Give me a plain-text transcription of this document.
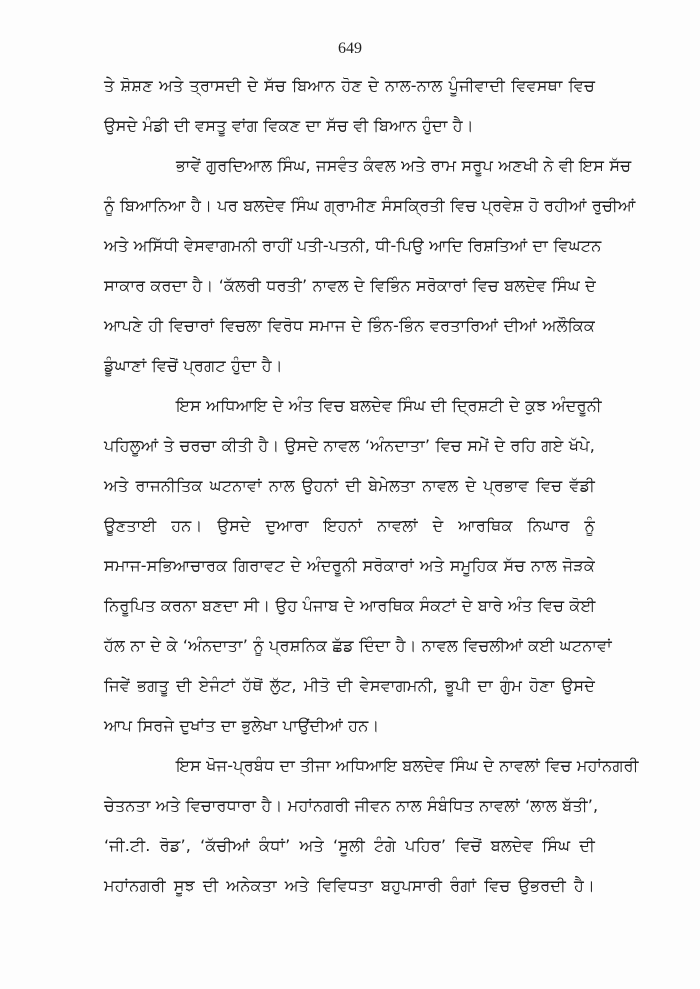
649
ਤੇ ਸ਼ੋਸ਼ਣ ਅਤੇ ਤ੍ਰਾਸਦੀ ਦੇ ਸੱਚ ਬਿਆਨ ਹੋਣ ਦੇ ਨਾਲ-ਨਾਲ ਪੂੰਜੀਵਾਦੀ ਵਿਵਸਥਾ ਵਿਚ
ਉਸਦੇ ਮੰਡੀ ਦੀ ਵਸਤੂ ਵਾਂਗ ਵਿਕਣ ਦਾ ਸੱਚ ਵੀ ਬਿਆਨ ਹੁੰਦਾ ਹੈ।
ਭਾਵੇਂ ਗੁਰਦਿਆਲ ਸਿੰਘ, ਜਸਵੰਤ ਕੰਵਲ ਅਤੇ ਰਾਮ ਸਰੂਪ ਅਣਖੀ ਨੇ ਵੀ ਇਸ ਸੱਚ
ਨੂੰ ਬਿਆਨਿਆ ਹੈ। ਪਰ ਬਲਦੇਵ ਸਿੰਘ ਗ੍ਰਾਮੀਣ ਸੰਸਕ੍ਰਿਤੀ ਵਿਚ ਪ੍ਰਵੇਸ਼ ਹੋ ਰਹੀਆਂ ਰੁਚੀਆਂ
ਅਤੇ ਅਸਿੱਧੀ ਵੇਸਵਾਗਮਨੀ ਰਾਹੀਂ ਪਤੀ-ਪਤਨੀ, ਧੀ-ਪਿਉ ਆਦਿ ਰਿਸ਼ਤਿਆਂ ਦਾ ਵਿਘਟਨ
ਸਾਕਾਰ ਕਰਦਾ ਹੈ। ‘ਕੱਲਰੀ ਧਰਤੀ’ ਨਾਵਲ ਦੇ ਵਿਭਿੰਨ ਸਰੋਕਾਰਾਂ ਵਿਚ ਬਲਦੇਵ ਸਿੰਘ ਦੇ
ਆਪਣੇ ਹੀ ਵਿਚਾਰਾਂ ਵਿਚਲਾ ਵਿਰੋਧ ਸਮਾਜ ਦੇ ਭਿੰਨ-ਭਿੰਨ ਵਰਤਾਰਿਆਂ ਦੀਆਂ ਅਲੌਕਿਕ
ਡੂੰਘਾਣਾਂ ਵਿਚੋਂ ਪ੍ਰਗਟ ਹੁੰਦਾ ਹੈ।
ਇਸ ਅਧਿਆਇ ਦੇ ਅੰਤ ਵਿਚ ਬਲਦੇਵ ਸਿੰਘ ਦੀ ਦ੍ਰਿਸ਼ਟੀ ਦੇ ਕੁਝ ਅੰਦਰੂਨੀ
ਪਹਿਲੂਆਂ ਤੇ ਚਰਚਾ ਕੀਤੀ ਹੈ। ਉਸਦੇ ਨਾਵਲ ‘ਅੰਨਦਾਤਾ’ ਵਿਚ ਸਮੇਂ ਦੇ ਰਹਿ ਗਏ ਖੱਪੇ,
ਅਤੇ ਰਾਜਨੀਤਿਕ ਘਟਨਾਵਾਂ ਨਾਲ ਉਹਨਾਂ ਦੀ ਬੇਮੇਲਤਾ ਨਾਵਲ ਦੇ ਪ੍ਰਭਾਵ ਵਿਚ ਵੱਡੀ
ਊਣਤਾਈ ਹਨ। ਉਸਦੇ ਦੁਆਰਾ ਇਹਨਾਂ ਨਾਵਲਾਂ ਦੇ ਆਰਥਿਕ ਨਿਘਾਰ ਨੂੰ
ਸਮਾਜ-ਸਭਿਆਚਾਰਕ ਗਿਰਾਵਟ ਦੇ ਅੰਦਰੂਨੀ ਸਰੋਕਾਰਾਂ ਅਤੇ ਸਮੂਹਿਕ ਸੱਚ ਨਾਲ ਜੋੜਕੇ
ਨਿਰੂਪਿਤ ਕਰਨਾ ਬਣਦਾ ਸੀ। ਉਹ ਪੰਜਾਬ ਦੇ ਆਰਥਿਕ ਸੰਕਟਾਂ ਦੇ ਬਾਰੇ ਅੰਤ ਵਿਚ ਕੋਈ
ਹੱਲ ਨਾ ਦੇ ਕੇ ‘ਅੰਨਦਾਤਾ’ ਨੂੰ ਪ੍ਰਸ਼ਨਿਕ ਛੱਡ ਦਿੰਦਾ ਹੈ। ਨਾਵਲ ਵਿਚਲੀਆਂ ਕਈ ਘਟਨਾਵਾਂ
ਜਿਵੇਂ ਭਗਤੂ ਦੀ ਏਜੰਟਾਂ ਹੱਥੋਂ ਲੁੱਟ, ਮੀਤੋ ਦੀ ਵੇਸਵਾਗਮਨੀ, ਭੂਪੀ ਦਾ ਗੁੰਮ ਹੋਣਾ ਉਸਦੇ
ਆਪ ਸਿਰਜੇ ਦੁਖਾਂਤ ਦਾ ਭੁਲੇਖਾ ਪਾਉਂਦੀਆਂ ਹਨ।
ਇਸ ਖੋਜ-ਪ੍ਰਬੰਧ ਦਾ ਤੀਜਾ ਅਧਿਆਇ ਬਲਦੇਵ ਸਿੰਘ ਦੇ ਨਾਵਲਾਂ ਵਿਚ ਮਹਾਂਨਗਰੀ
ਚੇਤਨਤਾ ਅਤੇ ਵਿਚਾਰਧਾਰਾ ਹੈ। ਮਹਾਂਨਗਰੀ ਜੀਵਨ ਨਾਲ ਸੰਬੰਧਿਤ ਨਾਵਲਾਂ ‘ਲਾਲ ਬੱਤੀ’,
‘ਜੀ.ਟੀ. ਰੋਡ’, ‘ਕੱਚੀਆਂ ਕੰਧਾਂ’ ਅਤੇ ‘ਸੂਲੀ ਟੰਗੇ ਪਹਿਰ’ ਵਿਚੋਂ ਬਲਦੇਵ ਸਿੰਘ ਦੀ
ਮਹਾਂਨਗਰੀ ਸੂਝ ਦੀ ਅਨੇਕਤਾ ਅਤੇ ਵਿਵਿਧਤਾ ਬਹੁਪਸਾਰੀ ਰੰਗਾਂ ਵਿਚ ਉਭਰਦੀ ਹੈ।
